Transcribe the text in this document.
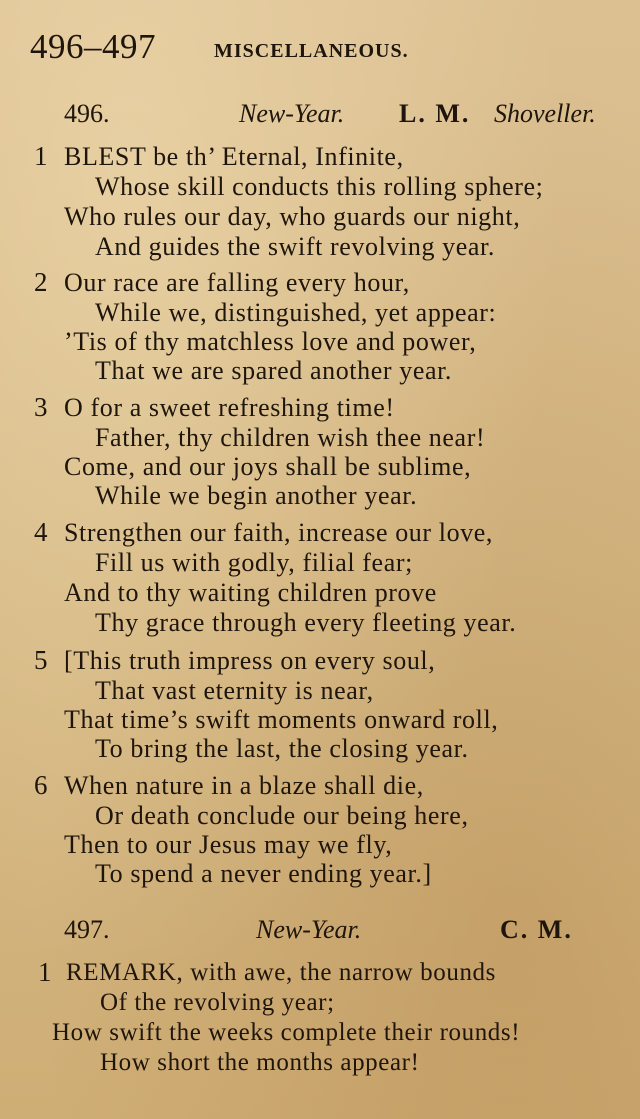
496–497	MISCELLANEOUS.
496.	New-Year. L. M. Shoveller.
1 BLEST be th’ Eternal, Infinite,
Whose skill conducts this rolling sphere;
Who rules our day, who guards our night,
And guides the swift revolving year.
2 Our race are falling every hour,
While we, distinguished, yet appear:
’Tis of thy matchless love and power,
That we are spared another year.
3 O for a sweet refreshing time!
Father, thy children wish thee near!
Come, and our joys shall be sublime,
While we begin another year.
4 Strengthen our faith, increase our love,
Fill us with godly, filial fear;
And to thy waiting children prove
Thy grace through every fleeting year.
5 [This truth impress on every soul,
That vast eternity is near,
That time’s swift moments onward roll,
To bring the last, the closing year.
6 When nature in a blaze shall die,
Or death conclude our being here,
Then to our Jesus may we fly,
To spend a never ending year.]
497.	New-Year.	C. M.
1 REMARK, with awe, the narrow bounds
Of the revolving year;
How swift the weeks complete their rounds!
How short the months appear!
